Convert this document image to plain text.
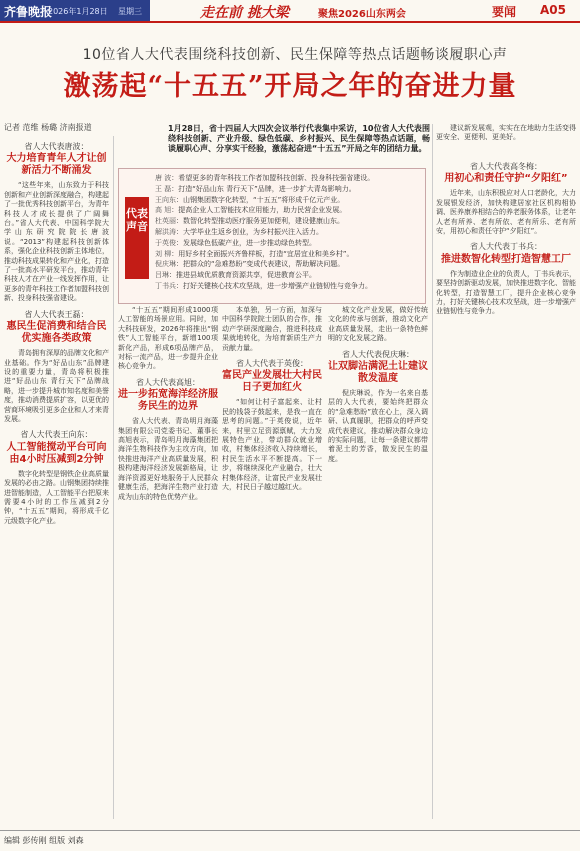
齐鲁晚报
2026年1月28日 星期三	走在前 挑大梁	聚焦2026山东两会	要闻 A05
10位省人大代表围绕科技创新、民生保障等热点话题畅谈履职心声
激荡起“十五五”开局之年的奋进力量
记者 范维 杨璐 济南报道
省人大代表唐波：
大力培育青年人才让创新活力不断涌发

“这些年来，山东致力于科技创新和产业创新深度融合，构建起了一批优秀科技创新平台，为青年科技人才成长提供了广阔舞台。”省人大代表、中国科学院大学山东研究院院长唐波说。“2013”构建起科技创新体系，强化企业科技创新主体地位，推动科技成果转化和产业化，打造了一批高水平研发平台，推动青年科技人才在产业一线发挥作用，让更多的青年科技工作者加盟科技创新、投身科技强省建设。

省人大代表王磊：
惠民生促消费和结合民优实施各类政策

青岛拥有深厚的品牌文化和产业基础。作为“好品山东”品牌建设的重要力量，青岛将积极推进“好品山东 青行天下”品牌战略，进一步提升城市知名度和美誉度，推动消费提质扩容，以更优的营商环境吸引更多企业和人才来青发展。

省人大代表王向东：
人工智能搅动平台可向由4小时压减到2分钟

数字化转型是钢铁企业高质量发展的必由之路。山钢集团持续推进智能制造，人工智能平台把原来需要4小时的工作压减到2分钟，“十五五”期间，将形成千亿元级数字化产业。

1月28日，省十四届人大四次会议举行代表集中采访，10位省人大代表围绕科技创新、产业升级、绿色低碳、乡村振兴、民生保障等热点话题，畅谈履职心声、分享实干经验，激荡起奋进“十五五”开局之年的团结力量。
代表声音
唐 波：希望更多的青年科技工作者加盟科技创新、投身科技强省建设。
王 磊：打造“好品山东 青行天下”品牌，进一步扩大青岛影响力。
王向东：山钢集团数字化转型，“十五五”将形成千亿元产业。
高 旭：提高企业人工智能技术应用能力，助力民营企业发展。
杜英丽：数智化转型推动医疗服务更加便利，建设健康山东。
解洪涛：大学毕业生返乡创业，为乡村振兴注入活力。
于英俊：发展绿色低碳产业，进一步推动绿色转型。
刘 柳：用好乡村全面振兴齐鲁样板，打造“宜居宜业和美乡村”。
倪庆琳：把群众的“急难愁盼”变成代表建议，帮助解决问题。
吕琳：推进县域优质教育资源共享，促进教育公平。
丁书兵：打好关键核心技术攻坚战，进一步增强产业链韧性与竞争力。

“十五五”期间形成1000项人工智能的场景应用。同时，加大科技研发，2026年将推出“钢铁”人工智能平台，新增100项新化产品，形成6项品牌产品，对标一流产品，进一步提升企业核心竞争力。

省人大代表高旭：
进一步拓宽海洋经济服务民生的边界

省人大代表、青岛明月海藻集团有限公司党委书记、董事长高旭表示，青岛明月海藻集团把海洋生物科技作为主攻方向，加快推进海洋产业高质量发展，积极构建海洋经济发展新格局，让海洋资源更好地服务于人民群众健康生活，把海洋生物产业打造成为山东的特色优势产业。

本单独，另一方面，加深与中国科学院院士团队的合作，推动产学研深度融合，推进科技成果就地转化，为培育新质生产力贡献力量。

省人大代表于英俊：
富民产业发展壮大村民日子更加红火

“如何让村子富起来、让村民的钱袋子鼓起来，是我一直在思考的问题。”于英俊说，近年来，村里立足资源禀赋，大力发展特色产业，带动群众就业增收，村集体经济收入持续增长，村民生活水平不断提高。下一步，将继续深化产业融合，壮大村集体经济，让富民产业发展壮大，村民日子越过越红火。

城文化产业发展，做好传统文化的传承与创新，推动文化产业高质量发展，走出一条特色鲜明的文化发展之路。

省人大代表倪庆琳：
让双脚沾满泥土让建议散发温度

倪庆琳说，作为一名来自基层的人大代表，要始终把群众的“急难愁盼”放在心上，深入调研、认真履职，把群众的呼声变成代表建议，推动解决群众身边的实际问题，让每一条建议都带着泥土的芳香，散发民生的温度。

建议新发展观，实实在在地助力生活变得更安全、更便利、更美好。

省人大代表高冬梅：
用初心和责任守护“夕阳红”

近年来，山东积极应对人口老龄化，大力发展银发经济，加快构建居家社区机构相协调、医养康养相结合的养老服务体系，让老年人老有所养、老有所依、老有所乐、老有所安，用初心和责任守护“夕阳红”。

省人大代表丁书兵：
推进数智化转型打造智慧工厂

作为制造业企业的负责人，丁书兵表示，要坚持创新驱动发展，加快推进数字化、智能化转型，打造智慧工厂，提升企业核心竞争力，打好关键核心技术攻坚战，进一步增强产业链韧性与竞争力。

编辑 彭传刚 组版 刘森
